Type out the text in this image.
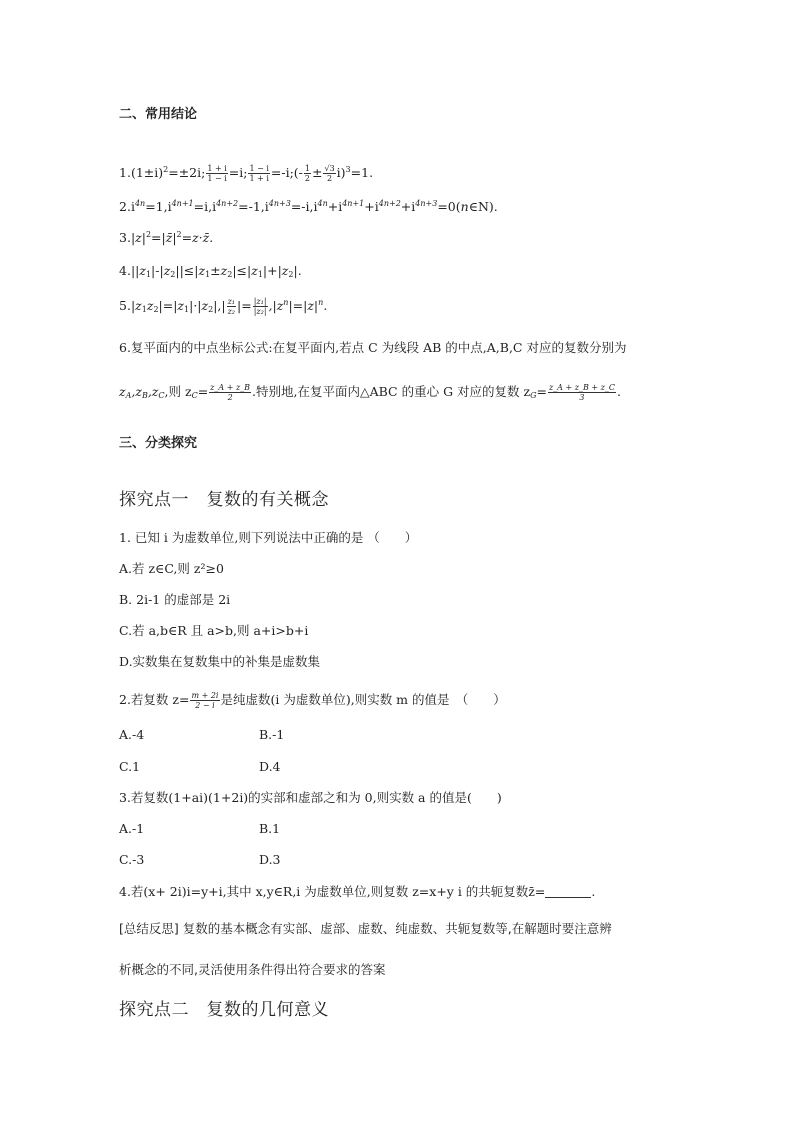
二、常用结论
$1.(1\pm i)^2=\pm 2i$; $\frac{1 + i}{1 - i} =i$; $\frac{1 - i}{1 + i}$ =-i;(- $\frac{1}{2} \pm \frac{√3}{2} i)^3=1$.
$2.i^{4n}=1,i^{4n+1}=i,i^{4n+2}=-1,i^{4n+3}=-i,i^{4n}+i^{4n+1}+i^{4n+2}+i^{4n+3}=0(n\in N)$.
$3.|z|^2=|z̄|^2=z\cdot z̄$.
$4.||z_1|-|z_2||\le|z_1\pm z_2|\le|z_1|+|z_2|$.
$5.|z_1z_2|=|z_1|\cdot|z_2|,| \frac{\text{z₁}}{\text{z₂}}$ |= $\frac{\text{|z₁|}}{\text{|z₂|}} ,|z^n|=|z|^n$.
6.复平面内的中点坐标公式:在复平面内,若点 C 为线段 AB 的中点,A,B,C 对应的复数分别为
$z_A,z_B,z_C$,则 $z_C= \frac{z\_A + z\_B}{2}$ .特别地,在复平面内△ABC 的重心 G 对应的复数 $z_G= \frac{z\_A + z\_B + z\_C}{3}$ .
三、分类探究
探究点一　复数的有关概念
1. 已知 i 为虚数单位,则下列说法中正确的是 （　　）
A.若 z∈C,则 z²≥0
B. 2i-1 的虚部是 2i
C.若 a,b∈R 且 a>b,则 a+i>b+i
D.实数集在复数集中的补集是虚数集
2.若复数 $z= \frac{m + 2i}{2 - i}$ 是纯虚数(i 为虚数单位),则实数 m 的值是　（　　）
A.-4	B.-1
C.1	D.4
3.若复数(1+ai)(1+2i)的实部和虚部之和为 0,则实数 a 的值是(　　)
A.-1	B.1
C.-3	D.3
4.若(x+ 2i)i=y+i,其中 x,y∈R,i 为虚数单位,则复数 z=x+y i 的共轭复数z̄=	.
[总结反思] 复数的基本概念有实部、虚部、虚数、纯虚数、共轭复数等,在解题时要注意辨
析概念的不同,灵活使用条件得出符合要求的答案
探究点二　复数的几何意义
